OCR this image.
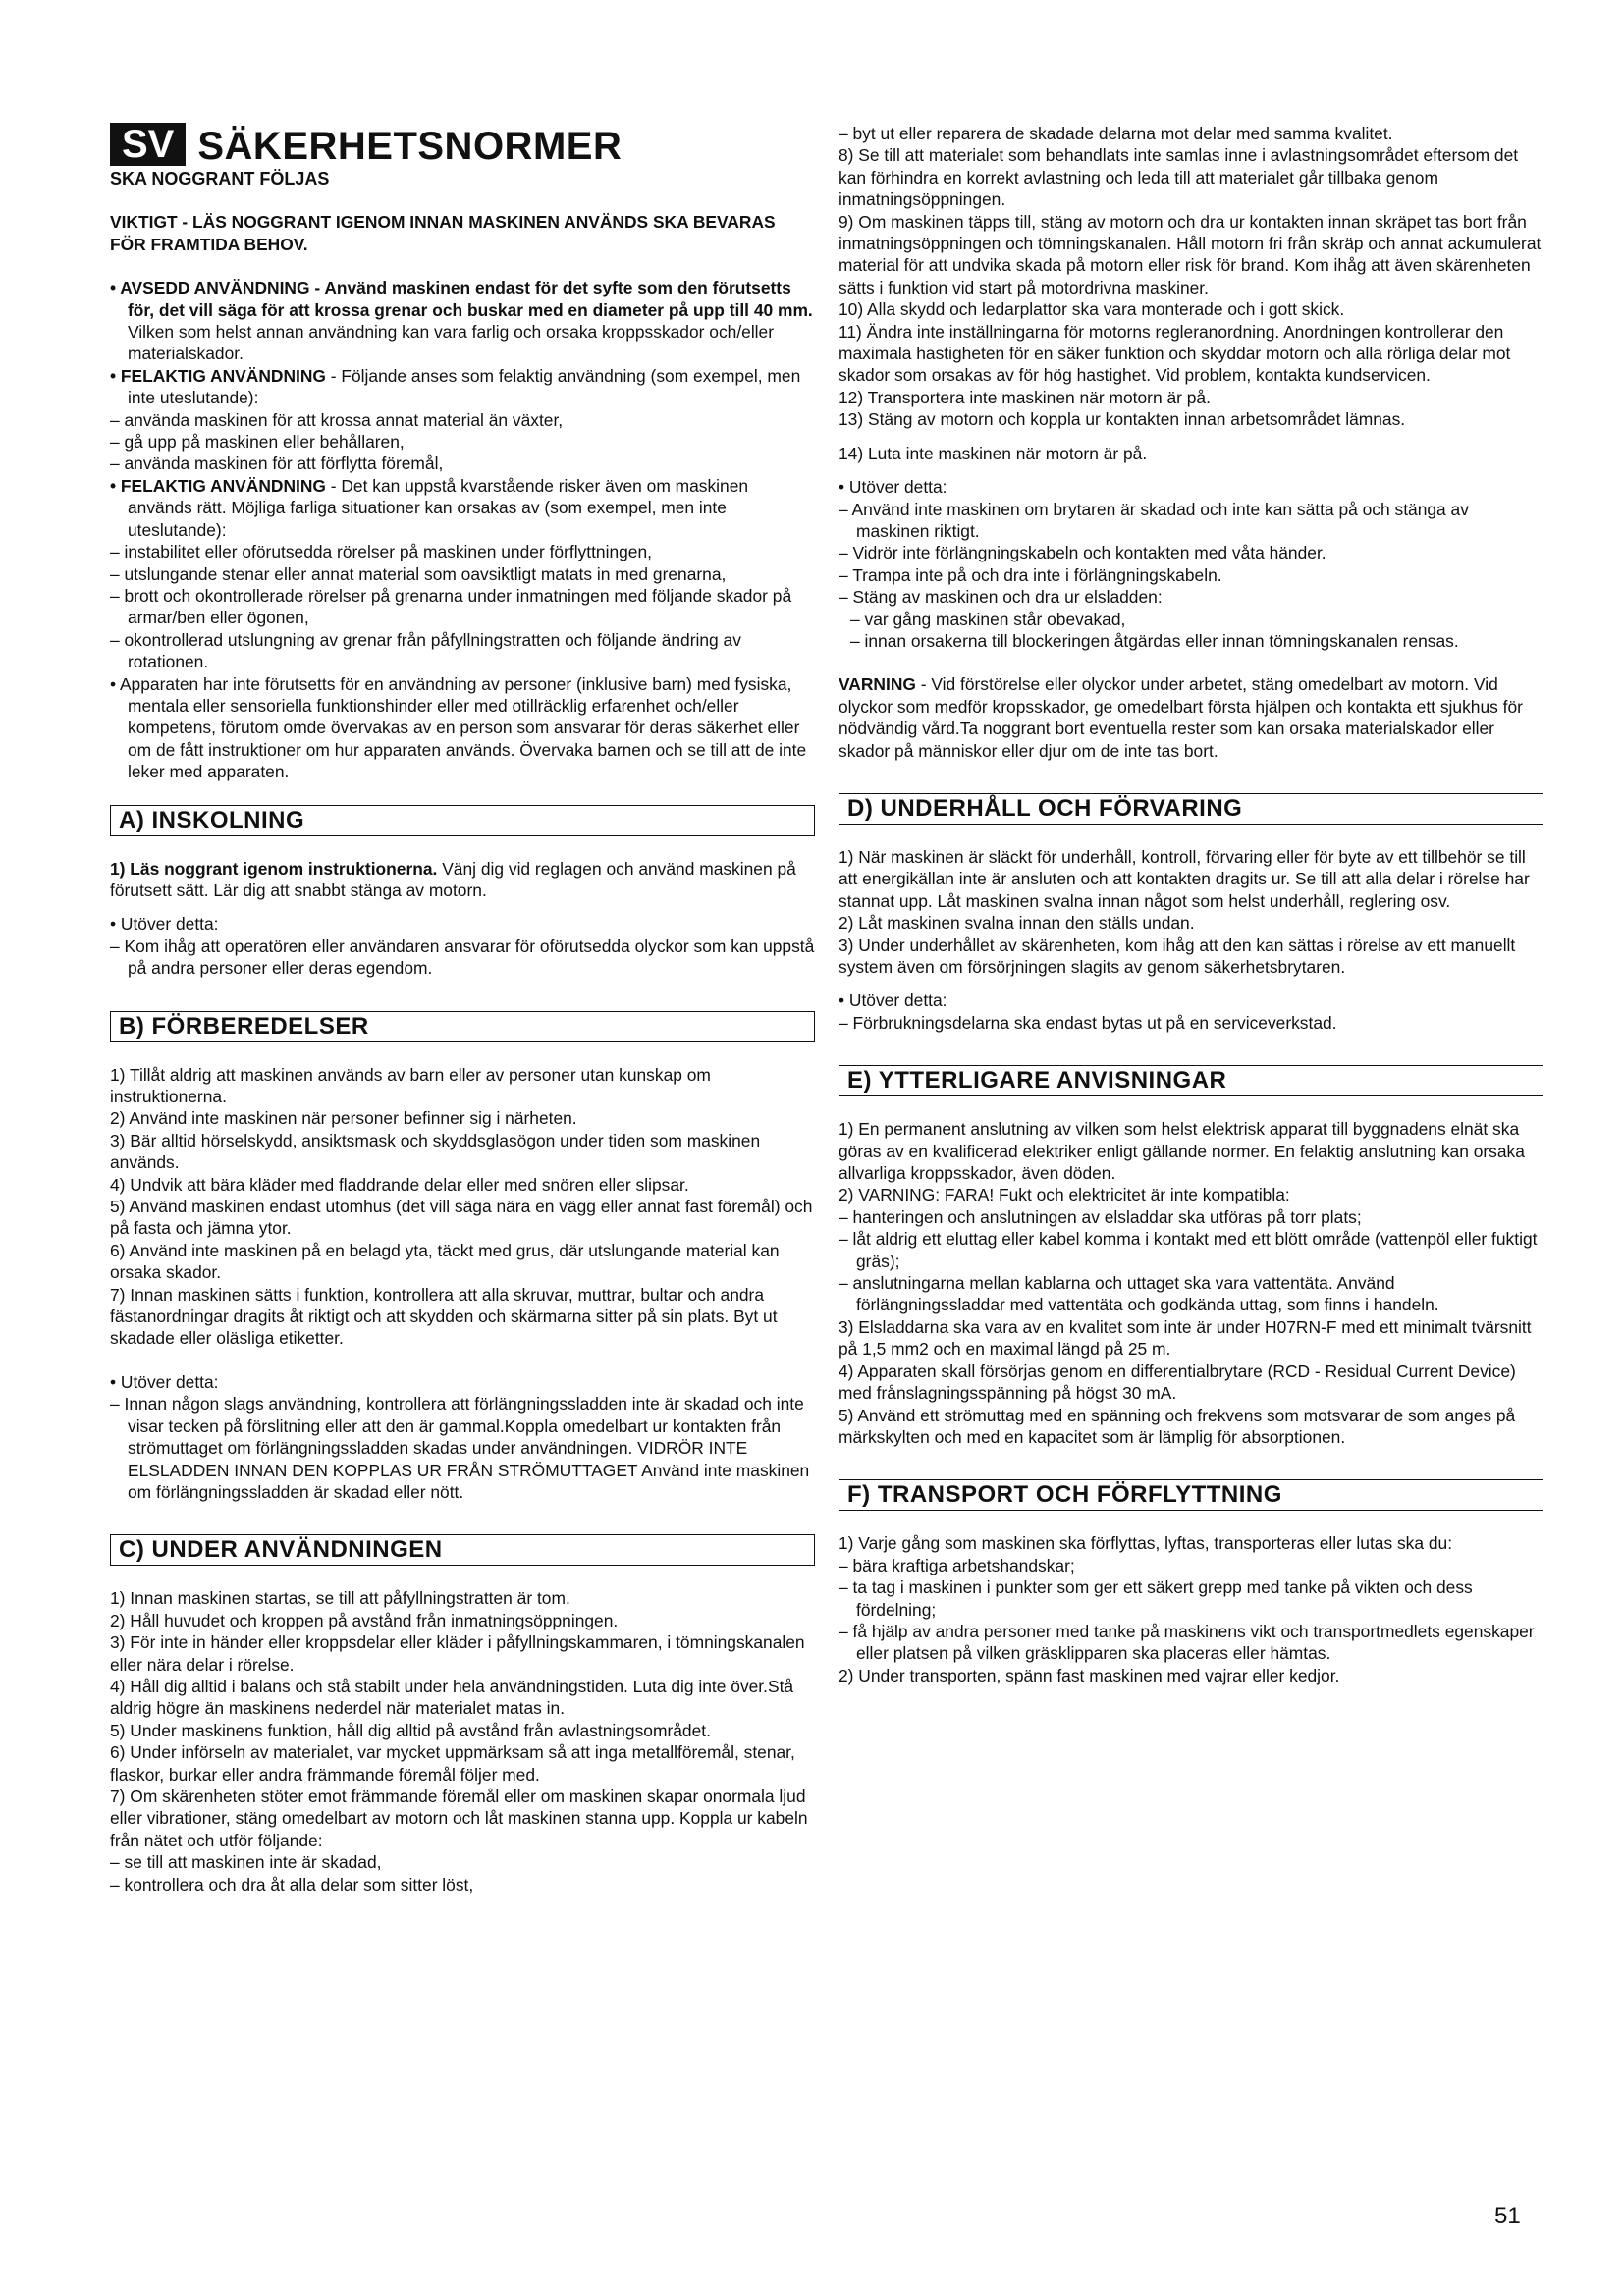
SV SÄKERHETSNORMER
SKA NOGGRANT FÖLJAS

VIKTIGT - LÄS NOGGRANT IGENOM INNAN MASKINEN ANVÄNDS SKA BEVARAS FÖR FRAMTIDA BEHOV.

• AVSEDD ANVÄNDNING - Använd maskinen endast för det syfte som den förutsetts för, det vill säga för att krossa grenar och buskar med en diameter på upp till 40 mm. Vilken som helst annan användning kan vara farlig och orsaka kroppsskador och/eller materialskador.

• FELAKTIG ANVÄNDNING - Följande anses som felaktig användning (som exempel, men inte uteslutande):

– använda maskinen för att krossa annat material än växter,

– gå upp på maskinen eller behållaren,

– använda maskinen för att förflytta föremål,

• FELAKTIG ANVÄNDNING - Det kan uppstå kvarstående risker även om maskinen används rätt. Möjliga farliga situationer kan orsakas av (som exempel, men inte uteslutande):

– instabilitet eller oförutsedda rörelser på maskinen under förflyttningen,

– utslungande stenar eller annat material som oavsiktligt matats in med grenarna,

– brott och okontrollerade rörelser på grenarna under inmatningen med följande skador på armar/ben eller ögonen,

– okontrollerad utslungning av grenar från påfyllningstratten och följande ändring av rotationen.

• Apparaten har inte förutsetts för en användning av personer (inklusive barn) med fysiska, mentala eller sensoriella funktionshinder eller med otillräcklig erfarenhet och/eller kompetens, förutom omde övervakas av en person som ansvarar för deras säkerhet eller om de fått instruktioner om hur apparaten används. Övervaka barnen och se till att de inte leker med apparaten.

A) INSKOLNING

1) Läs noggrant igenom instruktionerna. Vänj dig vid reglagen och använd maskinen på förutsett sätt. Lär dig att snabbt stänga av motorn.

• Utöver detta:

– Kom ihåg att operatören eller användaren ansvarar för oförutsedda olyckor som kan uppstå på andra personer eller deras egendom.

B) FÖRBEREDELSER

1) Tillåt aldrig att maskinen används av barn eller av personer utan kunskap om instruktionerna.

2) Använd inte maskinen när personer befinner sig i närheten.

3) Bär alltid hörselskydd, ansiktsmask och skyddsglasögon under tiden som maskinen används.

4) Undvik att bära kläder med fladdrande delar eller med snören eller slipsar.

5) Använd maskinen endast utomhus (det vill säga nära en vägg eller annat fast föremål) och på fasta och jämna ytor.

6) Använd inte maskinen på en belagd yta, täckt med grus, där utslungande material kan orsaka skador.

7) Innan maskinen sätts i funktion, kontrollera att alla skruvar, muttrar, bultar och andra fästanordningar dragits åt riktigt och att skydden och skärmarna sitter på sin plats. Byt ut skadade eller oläsliga etiketter.

• Utöver detta:

– Innan någon slags användning, kontrollera att förlängningssladden inte är skadad och inte visar tecken på förslitning eller att den är gammal.Koppla omedelbart ur kontakten från strömuttaget om förlängningssladden skadas under användningen. VIDRÖR INTE ELSLADDEN INNAN DEN KOPPLAS UR FRÅN STRÖMUTTAGET Använd inte maskinen om förlängningssladden är skadad eller nött.

C) UNDER ANVÄNDNINGEN

1) Innan maskinen startas, se till att påfyllningstratten är tom.

2) Håll huvudet och kroppen på avstånd från inmatningsöppningen.

3) För inte in händer eller kroppsdelar eller kläder i påfyllningskammaren, i tömningskanalen eller nära delar i rörelse.

4) Håll dig alltid i balans och stå stabilt under hela användningstiden. Luta dig inte över.Stå aldrig högre än maskinens nederdel när materialet matas in.

5) Under maskinens funktion, håll dig alltid på avstånd från avlastningsområdet.

6) Under införseln av materialet, var mycket uppmärksam så att inga metallföremål, stenar, flaskor, burkar eller andra främmande föremål följer med.

7) Om skärenheten stöter emot främmande föremål eller om maskinen skapar onormala ljud eller vibrationer, stäng omedelbart av motorn och låt maskinen stanna upp. Koppla ur kabeln från nätet och utför följande:

– se till att maskinen inte är skadad,

– kontrollera och dra åt alla delar som sitter löst,

– byt ut eller reparera de skadade delarna mot delar med samma kvalitet.

8) Se till att materialet som behandlats inte samlas inne i avlastningsområdet eftersom det kan förhindra en korrekt avlastning och leda till att materialet går tillbaka genom inmatningsöppningen.

9) Om maskinen täpps till, stäng av motorn och dra ur kontakten innan skräpet tas bort från inmatningsöppningen och tömningskanalen. Håll motorn fri från skräp och annat ackumulerat material för att undvika skada på motorn eller risk för brand. Kom ihåg att även skärenheten sätts i funktion vid start på motordrivna maskiner.

10) Alla skydd och ledarplattor ska vara monterade och i gott skick.

11) Ändra inte inställningarna för motorns regleranordning. Anordningen kontrollerar den maximala hastigheten för en säker funktion och skyddar motorn och alla rörliga delar mot skador som orsakas av för hög hastighet. Vid problem, kontakta kundservicen.

12) Transportera inte maskinen när motorn är på.

13) Stäng av motorn och koppla ur kontakten innan arbetsområdet lämnas.

14) Luta inte maskinen när motorn är på.

• Utöver detta:

– Använd inte maskinen om brytaren är skadad och inte kan sätta på och stänga av maskinen riktigt.

– Vidrör inte förlängningskabeln och kontakten med våta händer.

– Trampa inte på och dra inte i förlängningskabeln.

– Stäng av maskinen och dra ur elsladden:

– var gång maskinen står obevakad,

– innan orsakerna till blockeringen åtgärdas eller innan tömningskanalen rensas.

VARNING - Vid förstörelse eller olyckor under arbetet, stäng omedelbart av motorn. Vid olyckor som medför kropsskador, ge omedelbart första hjälpen och kontakta ett sjukhus för nödvändig vård.Ta noggrant bort eventuella rester som kan orsaka materialskador eller skador på människor eller djur om de inte tas bort.

D) UNDERHÅLL OCH FÖRVARING

1) När maskinen är släckt för underhåll, kontroll, förvaring eller för byte av ett tillbehör se till att energikällan inte är ansluten och att kontakten dragits ur. Se till att alla delar i rörelse har stannat upp. Låt maskinen svalna innan något som helst underhåll, reglering osv.

2) Låt maskinen svalna innan den ställs undan.

3) Under underhållet av skärenheten, kom ihåg att den kan sättas i rörelse av ett manuellt system även om försörjningen slagits av genom säkerhetsbrytaren.

• Utöver detta:

– Förbrukningsdelarna ska endast bytas ut på en serviceverkstad.

E) YTTERLIGARE ANVISNINGAR

1) En permanent anslutning av vilken som helst elektrisk apparat till byggnadens elnät ska göras av en kvalificerad elektriker enligt gällande normer. En felaktig anslutning kan orsaka allvarliga kroppsskador, även döden.

2) VARNING: FARA! Fukt och elektricitet är inte kompatibla:

– hanteringen och anslutningen av elsladdar ska utföras på torr plats;

– låt aldrig ett eluttag eller kabel komma i kontakt med ett blött område (vattenpöl eller fuktigt gräs);

– anslutningarna mellan kablarna och uttaget ska vara vattentäta. Använd förlängningssladdar med vattentäta och godkända uttag, som finns i handeln.

3) Elsladdarna ska vara av en kvalitet som inte är under H07RN-F med ett minimalt tvärsnitt på 1,5 mm2 och en maximal längd på 25 m.

4) Apparaten skall försörjas genom en differentialbrytare (RCD - Residual Current Device) med frånslagningsspänning på högst 30 mA.

5) Använd ett strömuttag med en spänning och frekvens som motsvarar de som anges på märkskylten och med en kapacitet som är lämplig för absorptionen.

F) TRANSPORT OCH FÖRFLYTTNING

1) Varje gång som maskinen ska förflyttas, lyftas, transporteras eller lutas ska du:

– bära kraftiga arbetshandskar;

– ta tag i maskinen i punkter som ger ett säkert grepp med tanke på vikten och dess fördelning;

– få hjälp av andra personer med tanke på maskinens vikt och transportmedlets egenskaper eller platsen på vilken gräsklipparen ska placeras eller hämtas.

2) Under transporten, spänn fast maskinen med vajrar eller kedjor.

51
